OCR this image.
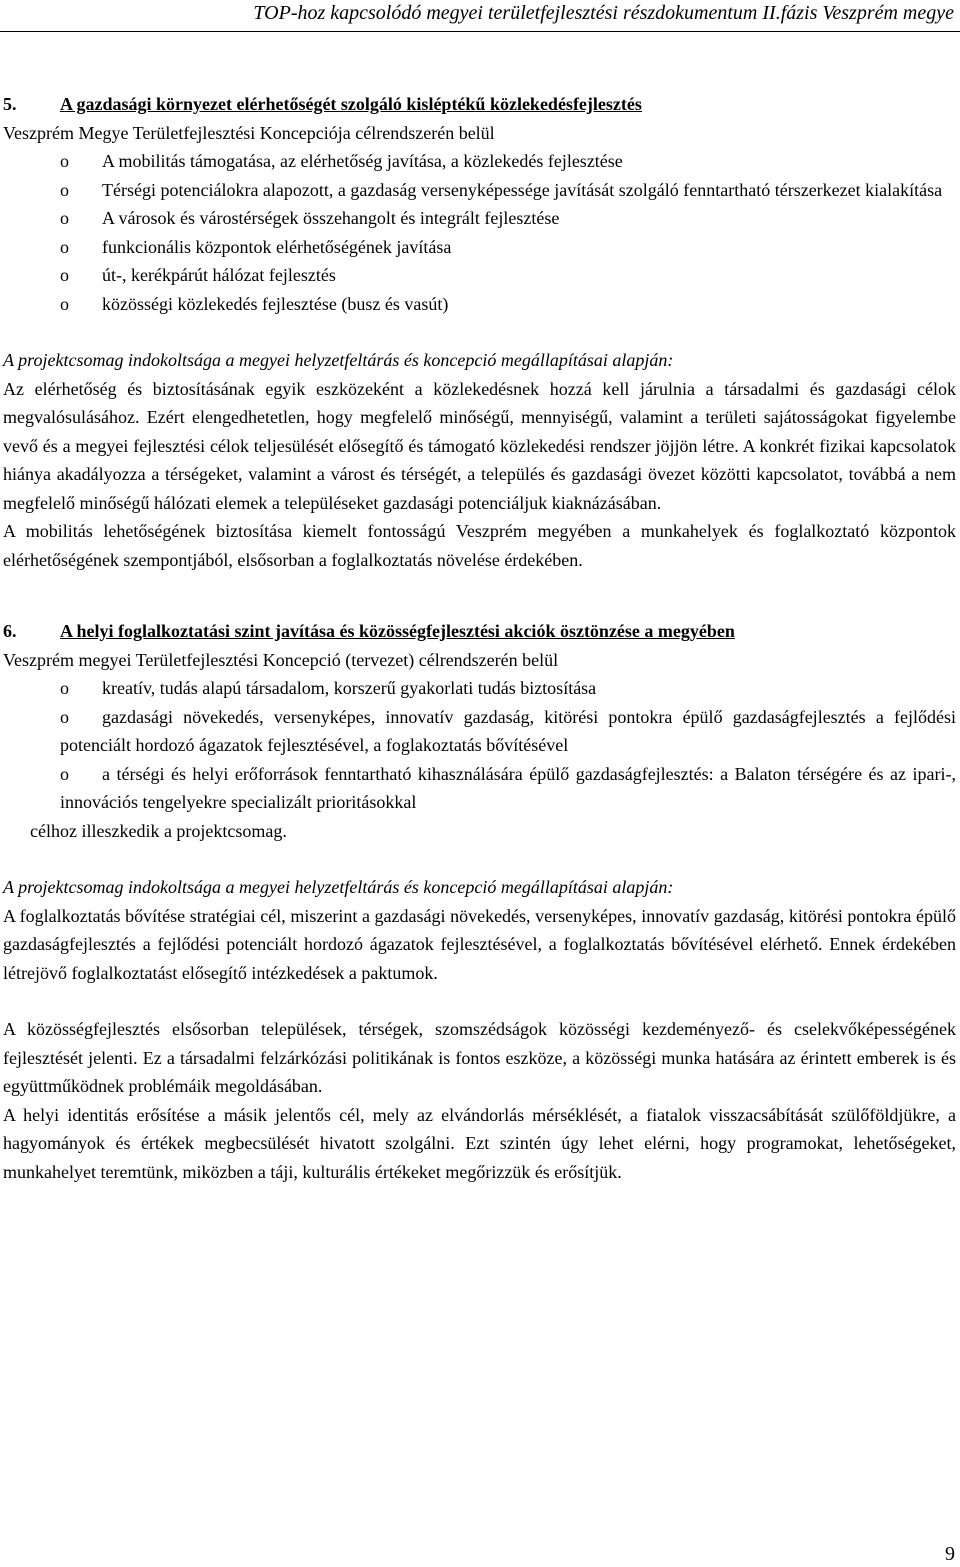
TOP-hoz kapcsolódó megyei területfejlesztési részdokumentum II.fázis Veszprém megye
5. A gazdasági környezet elérhetőségét szolgáló kisléptékű közlekedésfejlesztés
Veszprém Megye Területfejlesztési Koncepciója célrendszerén belül
o A mobilitás támogatása, az elérhetőség javítása, a közlekedés fejlesztése
o Térségi potenciálokra alapozott, a gazdaság versenyképessége javítását szolgáló fenntartható térszerkezet kialakítása
o A városok és várostérségek összehangolt és integrált fejlesztése
o funkcionális központok elérhetőségének javítása
o út-, kerékpárút hálózat fejlesztés
o közösségi közlekedés fejlesztése (busz és vasút)
A projektcsomag indokoltsága a megyei helyzetfeltárás és koncepció megállapításai alapján:
Az elérhetőség és biztosításának egyik eszközeként a közlekedésnek hozzá kell járulnia a társadalmi és gazdasági célok megvalósulásához. Ezért elengedhetetlen, hogy megfelelő minőségű, mennyiségű, valamint a területi sajátosságokat figyelembe vevő és a megyei fejlesztési célok teljesülését elősegítő és támogató közlekedési rendszer jöjjön létre. A konkrét fizikai kapcsolatok hiánya akadályozza a térségeket, valamint a várost és térségét, a település és gazdasági övezet közötti kapcsolatot, továbbá a nem megfelelő minőségű hálózati elemek a településeket gazdasági potenciáljuk kiaknázásában.
A mobilitás lehetőségének biztosítása kiemelt fontosságú Veszprém megyében a munkahelyek és foglalkoztató központok elérhetőségének szempontjából, elsősorban a foglalkoztatás növelése érdekében.
6. A helyi foglalkoztatási szint javítása és közösségfejlesztési akciók ösztönzése a megyében
Veszprém megyei Területfejlesztési Koncepció (tervezet) célrendszerén belül
o kreatív, tudás alapú társadalom, korszerű gyakorlati tudás biztosítása
o gazdasági növekedés, versenyképes, innovatív gazdaság, kitörési pontokra épülő gazdaságfejlesztés a fejlődési potenciált hordozó ágazatok fejlesztésével, a foglakoztatás bővítésével
o a térségi és helyi erőforrások fenntartható kihasználására épülő gazdaságfejlesztés: a Balaton térségére és az ipari-, innovációs tengelyekre specializált prioritásokkal
célhoz illeszkedik a projektcsomag.
A projektcsomag indokoltsága a megyei helyzetfeltárás és koncepció megállapításai alapján:
A foglalkoztatás bővítése stratégiai cél, miszerint a gazdasági növekedés, versenyképes, innovatív gazdaság, kitörési pontokra épülő gazdaságfejlesztés a fejlődési potenciált hordozó ágazatok fejlesztésével, a foglalkoztatás bővítésével elérhető. Ennek érdekében létrejövő foglalkoztatást elősegítő intézkedések a paktumok.
A közösségfejlesztés elsősorban települések, térségek, szomszédságok közösségi kezdeményező- és cselekvőképességének fejlesztését jelenti. Ez a társadalmi felzárkózási politikának is fontos eszköze, a közösségi munka hatására az érintett emberek is és együttműködnek problémáik megoldásában.
A helyi identitás erősítése a másik jelentős cél, mely az elvándorlás mérséklését, a fiatalok visszacsábítását szülőföldjükre, a hagyományok és értékek megbecsülését hivatott szolgálni. Ezt szintén úgy lehet elérni, hogy programokat, lehetőségeket, munkahelyet teremtünk, miközben a táji, kulturális értékeket megőrizzük és erősítjük.
9
